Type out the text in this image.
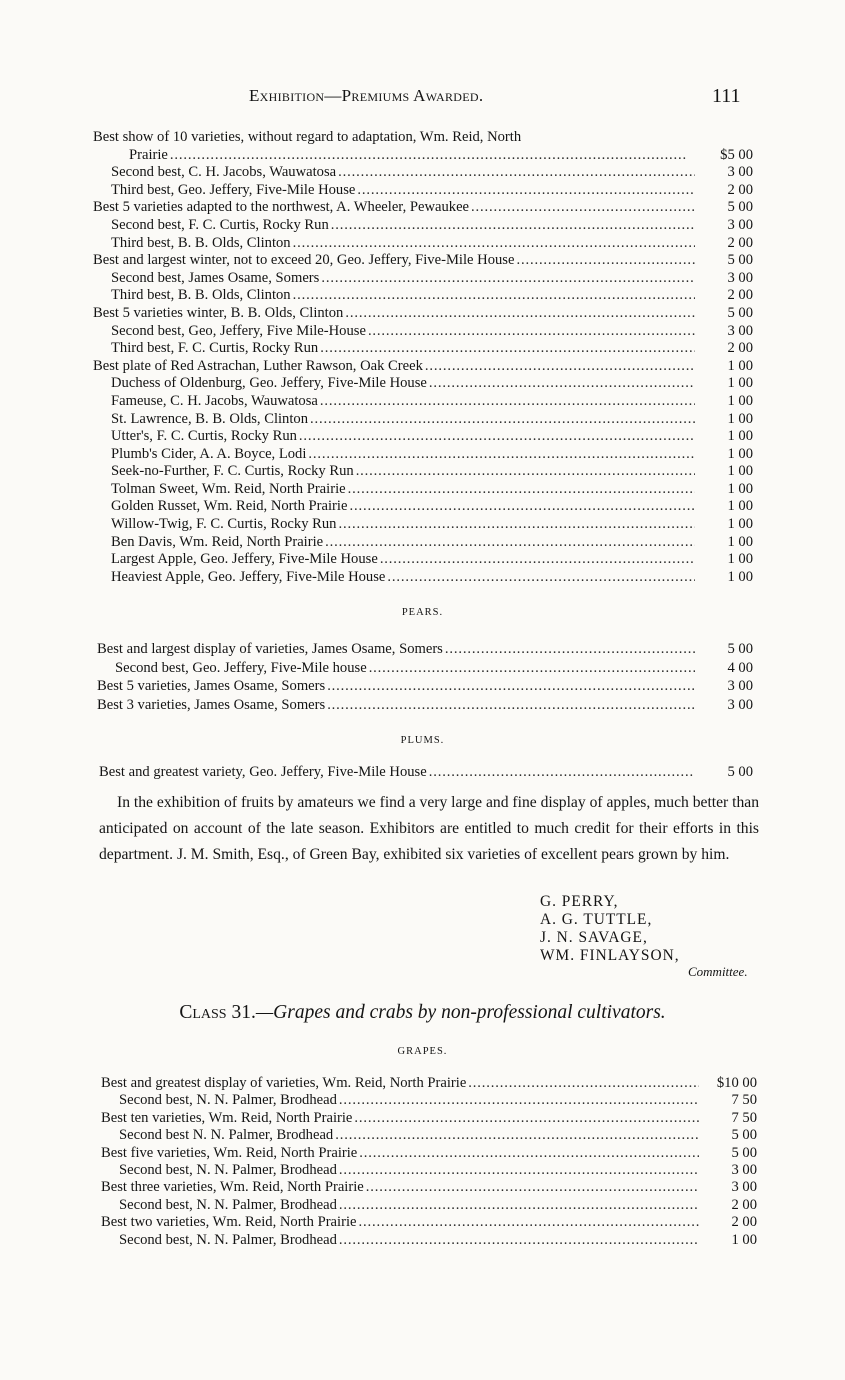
Exhibition—Premiums Awarded.	111
Best show of 10 varieties, without regard to adaptation, Wm. Reid, North
Prairie . . .	$5 00
Second best, C. H. Jacobs, Wauwatosa . . .	3 00
Third best, Geo. Jeffery, Five-Mile House . . .	2 00
Best 5 varieties adapted to the northwest, A. Wheeler, Pewaukee . . .	5 00
Second best, F. C. Curtis, Rocky Run . . .	3 00
Third best, B. B. Olds, Clinton . . .	2 00
Best and largest winter, not to exceed 20, Geo. Jeffery, Five-Mile House . . .	5 00
Second best, James Osame, Somers . . .	3 00
Third best, B. B. Olds, Clinton . . .	2 00
Best 5 varieties winter, B. B. Olds, Clinton . . .	5 00
Second best, Geo, Jeffery, Five Mile-House . . .	3 00
Third best, F. C. Curtis, Rocky Run . . .	2 00
Best plate of Red Astrachan, Luther Rawson, Oak Creek . . .	1 00
Duchess of Oldenburg, Geo. Jeffery, Five-Mile House . . .	1 00
Fameuse, C. H. Jacobs, Wauwatosa . . .	1 00
St. Lawrence, B. B. Olds, Clinton . . .	1 00
Utter's, F. C. Curtis, Rocky Run . . .	1 00
Plumb's Cider, A. A. Boyce, Lodi . . .	1 00
Seek-no-Further, F. C. Curtis, Rocky Run . . .	1 00
Tolman Sweet, Wm. Reid, North Prairie . . .	1 00
Golden Russet, Wm. Reid, North Prairie . . .	1 00
Willow-Twig, F. C. Curtis, Rocky Run . . .	1 00
Ben Davis, Wm. Reid, North Prairie . . .	1 00
Largest Apple, Geo. Jeffery, Five-Mile House . . .	1 00
Heaviest Apple, Geo. Jeffery, Five-Mile House . . .	1 00
PEARS.
Best and largest display of varieties, James Osame, Somers . . .	5 00
Second best, Geo. Jeffery, Five-Mile house . . .	4 00
Best 5 varieties, James Osame, Somers . . .	3 00
Best 3 varieties, James Osame, Somers . . .	3 00
PLUMS.
Best and greatest variety, Geo. Jeffery, Five-Mile House . . .	5 00
In the exhibition of fruits by amateurs we find a very large and fine display of apples, much better than anticipated on account of the late season. Exhibitors are entitled to much credit for their efforts in this department. J. M. Smith, Esq., of Green Bay, exhibited six varieties of excellent pears grown by him.
G. PERRY,
A. G. TUTTLE,
J. N. SAVAGE,
WM. FINLAYSON,
Committee.
Class 31.—Grapes and crabs by non-professional cultivators.
GRAPES.
Best and greatest display of varieties, Wm. Reid, North Prairie . . .	$10 00
Second best, N. N. Palmer, Brodhead . . .	7 50
Best ten varieties, Wm. Reid, North Prairie . . .	7 50
Second best N. N. Palmer, Brodhead . . .	5 00
Best five varieties, Wm. Reid, North Prairie . . .	5 00
Second best, N. N. Palmer, Brodhead . . .	3 00
Best three varieties, Wm. Reid, North Prairie . . .	3 00
Second best, N. N. Palmer, Brodhead . . .	2 00
Best two varieties, Wm. Reid, North Prairie . . .	2 00
Second best, N. N. Palmer, Brodhead . . .	1 00
